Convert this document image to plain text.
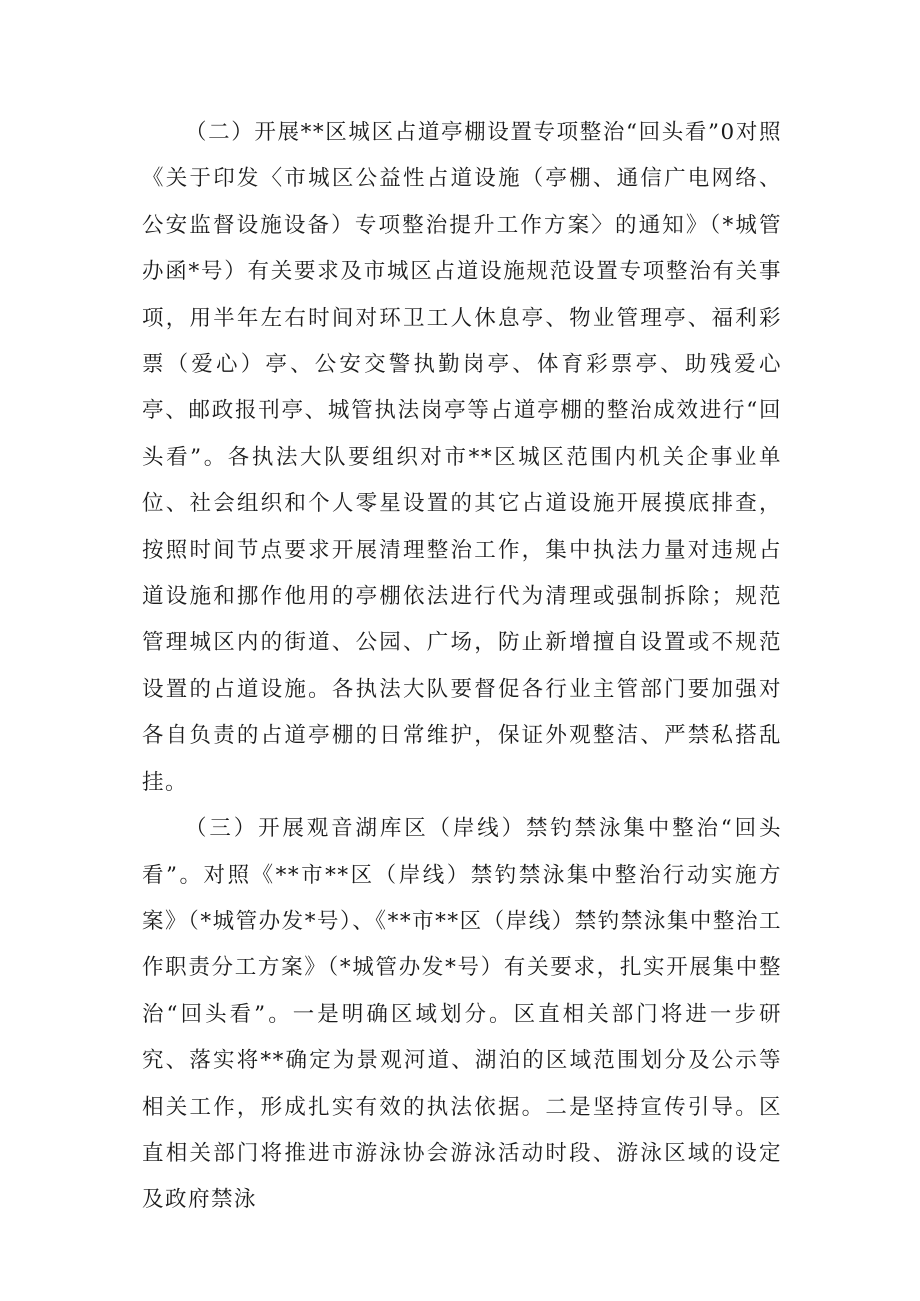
（二）开展**区城区占道亭棚设置专项整治“回头看”0对照《关于印发〈市城区公益性占道设施（亭棚、通信广电网络、公安监督设施设备）专项整治提升工作方案〉的通知》（*城管办函*号）有关要求及市城区占道设施规范设置专项整治有关事项，用半年左右时间对环卫工人休息亭、物业管理亭、福利彩票（爱心）亭、公安交警执勤岗亭、体育彩票亭、助残爱心亭、邮政报刊亭、城管执法岗亭等占道亭棚的整治成效进行“回头看”。各执法大队要组织对市**区城区范围内机关企事业单位、社会组织和个人零星设置的其它占道设施开展摸底排查，按照时间节点要求开展清理整治工作，集中执法力量对违规占道设施和挪作他用的亭棚依法进行代为清理或强制拆除；规范管理城区内的街道、公园、广场，防止新增擅自设置或不规范设置的占道设施。各执法大队要督促各行业主管部门要加强对各自负责的占道亭棚的日常维护，保证外观整洁、严禁私搭乱挂。

（三）开展观音湖库区（岸线）禁钓禁泳集中整治“回头看”。对照《**市**区（岸线）禁钓禁泳集中整治行动实施方案》（*城管办发*号）、《**市**区（岸线）禁钓禁泳集中整治工作职责分工方案》（*城管办发*号）有关要求，扎实开展集中整治“回头看”。一是明确区域划分。区直相关部门将进一步研究、落实将**确定为景观河道、湖泊的区域范围划分及公示等相关工作，形成扎实有效的执法依据。二是坚持宣传引导。区直相关部门将推进市游泳协会游泳活动时段、游泳区域的设定及政府禁泳
